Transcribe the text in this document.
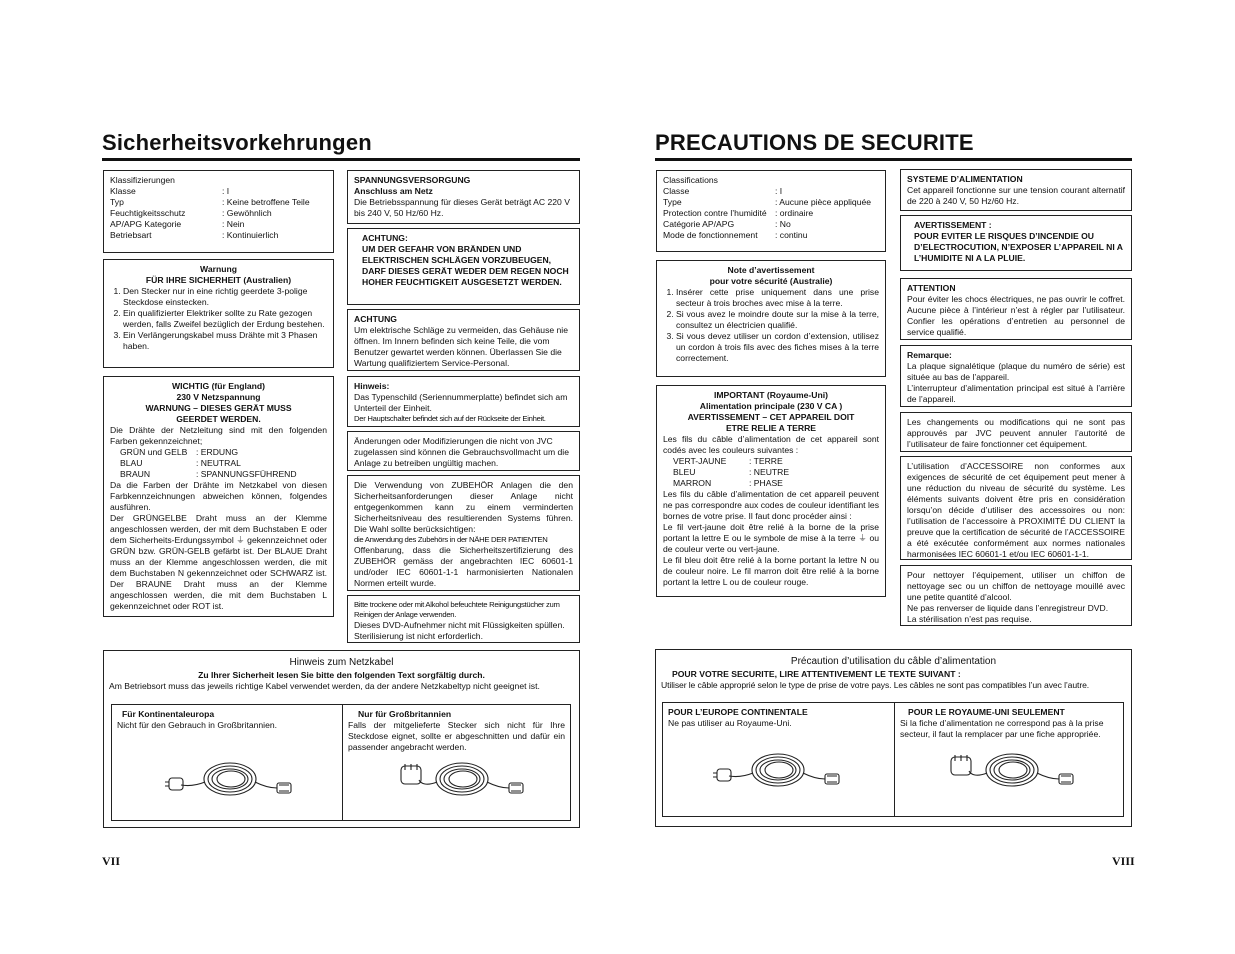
Sicherheitsvorkehrungen
Klassifizierungen
Klasse	: I
Typ	: Keine betroffene Teile
Feuchtigkeitsschutz	: Gewöhnlich
AP/APG Kategorie	: Nein
Betriebsart	: Kontinuierlich
Warnung
FÜR IHRE SICHERHEIT (Australien)
1. Den Stecker nur in eine richtig geerdete 3-polige Steckdose einstecken.
2. Ein qualifizierter Elektriker sollte zu Rate gezogen werden, falls Zweifel bezüglich der Erdung bestehen.
3. Ein Verlängerungskabel muss Drähte mit 3 Phasen haben.
WICHTIG (für England)
230 V Netzspannung
WARNUNG – DIESES GERÄT MUSS
GEERDET WERDEN.
Die Drähte der Netzleitung sind mit den folgenden Farben gekennzeichnet;
GRÜN und GELB	: ERDUNG
BLAU	: NEUTRAL
BRAUN	: SPANNUNGSFÜHREND
Da die Farben der Drähte im Netzkabel von diesen Farbkennzeichnungen abweichen können, folgendes ausführen.
Der GRÜNGELBE Draht muss an der Klemme angeschlossen werden, der mit dem Buchstaben E oder dem Sicherheits-Erdungssymbol ⏚ gekennzeichnet oder GRÜN bzw. GRÜN-GELB gefärbt ist. Der BLAUE Draht muss an der Klemme angeschlossen werden, die mit dem Buchstaben N gekennzeichnet oder SCHWARZ ist. Der BRAUNE Draht muss an der Klemme angeschlossen werden, die mit dem Buchstaben L gekennzeichnet oder ROT ist.
SPANNUNGSVERSORGUNG
Anschluss am Netz
Die Betriebsspannung für dieses Gerät beträgt AC 220 V bis 240 V, 50 Hz/60 Hz.
ACHTUNG:
UM DER GEFAHR VON BRÄNDEN UND ELEKTRISCHEN SCHLÄGEN VORZUBEUGEN, DARF DIESES GERÄT WEDER DEM REGEN NOCH HOHER FEUCHTIGKEIT AUSGESETZT WERDEN.
ACHTUNG
Um elektrische Schläge zu vermeiden, das Gehäuse nie öffnen. Im Innern befinden sich keine Teile, die vom Benutzer gewartet werden können. Überlassen Sie die Wartung qualifiziertem Service-Personal.
Hinweis:
Das Typenschild (Seriennummerplatte) befindet sich am Unterteil der Einheit.
Der Hauptschalter befindet sich auf der Rückseite der Einheit.
Änderungen oder Modifizierungen die nicht von JVC zugelassen sind können die Gebrauchsvollmacht um die Anlage zu betreiben ungültig machen.
Die Verwendung von ZUBEHÖR Anlagen die den Sicherheitsanforderungen dieser Anlage nicht entgegenkommen kann zu einem verminderten Sicherheitsniveau des resultierenden Systems führen. Die Wahl sollte berücksichtigen:
die Anwendung des Zubehörs in der NÄHE DER PATIENTEN
Offenbarung, dass die Sicherheitszertifizierung des ZUBEHÖR gemäss der angebrachten IEC 60601-1 und/oder IEC 60601-1-1 harmonisierten Nationalen Normen erteilt wurde.
Bitte trockene oder mit Alkohol befeuchtete Reinigungstücher zum Reinigen der Anlage verwenden.
Dieses DVD-Aufnehmer nicht mit Flüssigkeiten spüllen.
Sterilisierung ist nicht erforderlich.
Hinweis zum Netzkabel
Zu Ihrer Sicherheit lesen Sie bitte den folgenden Text sorgfältig durch.
Am Betriebsort muss das jeweils richtige Kabel verwendet werden, da der andere Netzkabeltyp nicht geeignet ist.
Für Kontinentaleuropa
Nicht für den Gebrauch in Großbritannien.
Nur für Großbritannien
Falls der mitgelieferte Stecker sich nicht für Ihre Steckdose eignet, sollte er abgeschnitten und dafür ein passender angebracht werden.
VII
PRECAUTIONS DE SECURITE
Classifications
Classe	: I
Type	: Aucune pièce appliquée
Protection contre l’humidité : ordinaire
Catégorie AP/APG	: No
Mode de fonctionnement	: continu
Note d’avertissement
pour votre sécurité (Australie)
1. Insérer cette prise uniquement dans une prise secteur à trois broches avec mise à la terre.
2. Si vous avez le moindre doute sur la mise à la terre, consultez un électricien qualifié.
3. Si vous devez utiliser un cordon d’extension, utilisez un cordon à trois fils avec des fiches mises à la terre correctement.
IMPORTANT (Royaume-Uni)
Alimentation principale (230 V CA )
AVERTISSEMENT – CET APPAREIL DOIT
ETRE RELIE A TERRE
Les fils du câble d’alimentation de cet appareil sont codés avec les couleurs suivantes :
VERT-JAUNE	: TERRE
BLEU	: NEUTRE
MARRON	: PHASE
Les fils du câble d’alimentation de cet appareil peuvent ne pas correspondre aux codes de couleur identifiant les bornes de votre prise. Il faut donc procéder ainsi :
Le fil vert-jaune doit être relié à la borne de la prise portant la lettre E ou le symbole de mise à la terre ⏚ ou de couleur verte ou vert-jaune.
Le fil bleu doit être relié à la borne portant la lettre N ou de couleur noire. Le fil marron doit être relié à la borne portant la lettre L ou de couleur rouge.
SYSTEME D’ALIMENTATION
Cet appareil fonctionne sur une tension courant alternatif de 220 à 240 V, 50 Hz/60 Hz.
AVERTISSEMENT :
POUR EVITER LE RISQUES D’INCENDIE OU D’ELECTROCUTION, N’EXPOSER L’APPAREIL NI A L’HUMIDITE NI A LA PLUIE.
ATTENTION
Pour éviter les chocs électriques, ne pas ouvrir le coffret. Aucune pièce à l’intérieur n’est à régler par l’utilisateur. Confier les opérations d’entretien au personnel de service qualifié.
Remarque:
La plaque signalétique (plaque du numéro de série) est située au bas de l’appareil.
L’interrupteur d’alimentation principal est situé à l’arrière de l’appareil.
Les changements ou modifications qui ne sont pas approuvés par JVC peuvent annuler l’autorité de l’utilisateur de faire fonctionner cet équipement.
L’utilisation d’ACCESSOIRE non conformes aux exigences de sécurité de cet équipement peut mener à une réduction du niveau de sécurité du système. Les éléments suivants doivent être pris en considération lorsqu’on décide d’utiliser des accessoires ou non: l’utilisation de l’accessoire à PROXIMITÉ DU CLIENT la preuve que la certification de sécurité de l’ACCESSOIRE a été exécutée conformément aux normes nationales harmonisées IEC 60601-1 et/ou IEC 60601-1-1.
Pour nettoyer l’équipement, utiliser un chiffon de nettoyage sec ou un chiffon de nettoyage mouillé avec une petite quantité d’alcool.
Ne pas renverser de liquide dans l’enregistreur DVD.
La stérilisation n’est pas requise.
Précaution d’utilisation du câble d’alimentation
POUR VOTRE SECURITE, LIRE ATTENTIVEMENT LE TEXTE SUIVANT :
Utiliser le câble approprié selon le type de prise de votre pays. Les câbles ne sont pas compatibles l’un avec l’autre.
POUR L’EUROPE CONTINENTALE
Ne pas utiliser au Royaume-Uni.
POUR LE ROYAUME-UNI SEULEMENT
Si la fiche d’alimentation ne correspond pas à la prise secteur, il faut la remplacer par une fiche appropriée.
VIII
